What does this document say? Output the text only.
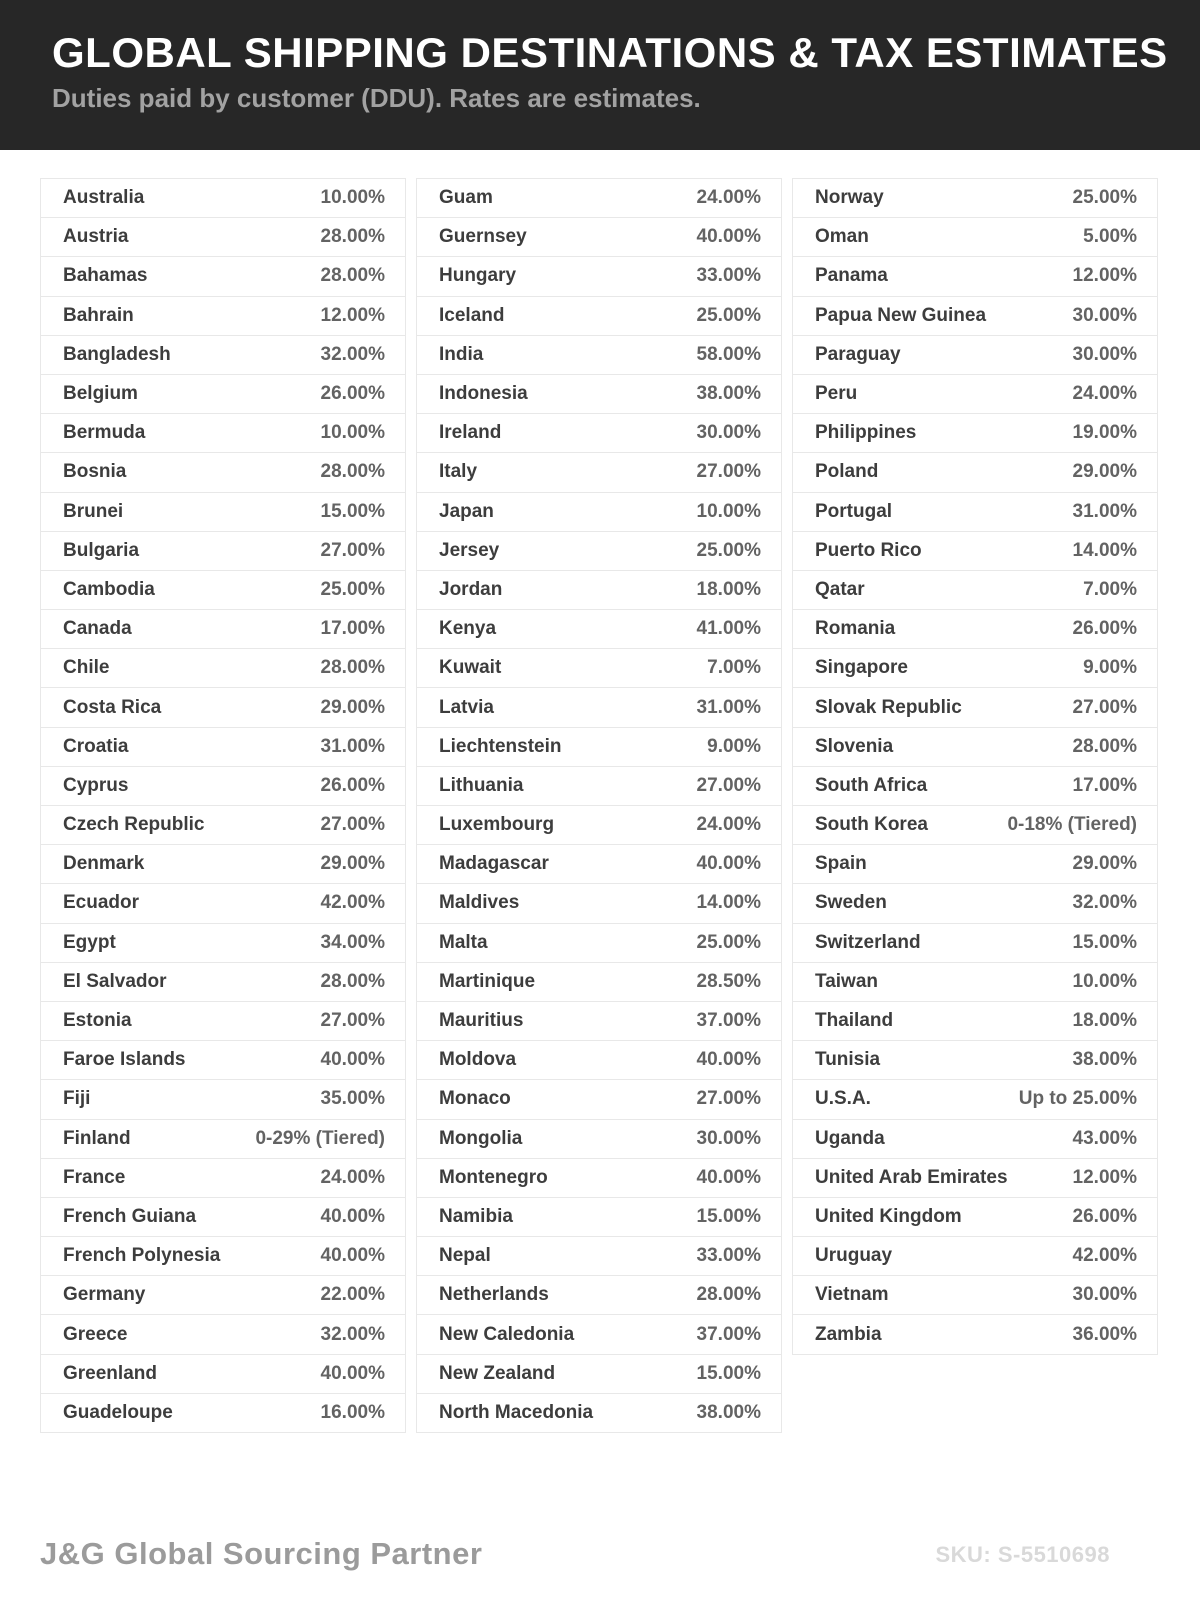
GLOBAL SHIPPING DESTINATIONS & TAX ESTIMATES

Duties paid by customer (DDU). Rates are estimates.

Australia	10.00%
Austria	28.00%
Bahamas	28.00%
Bahrain	12.00%
Bangladesh	32.00%
Belgium	26.00%
Bermuda	10.00%
Bosnia	28.00%
Brunei	15.00%
Bulgaria	27.00%
Cambodia	25.00%
Canada	17.00%
Chile	28.00%
Costa Rica	29.00%
Croatia	31.00%
Cyprus	26.00%
Czech Republic	27.00%
Denmark	29.00%
Ecuador	42.00%
Egypt	34.00%
El Salvador	28.00%
Estonia	27.00%
Faroe Islands	40.00%
Fiji	35.00%
Finland	0-29% (Tiered)
France	24.00%
French Guiana	40.00%
French Polynesia	40.00%
Germany	22.00%
Greece	32.00%
Greenland	40.00%
Guadeloupe	16.00%
Guam	24.00%
Guernsey	40.00%
Hungary	33.00%
Iceland	25.00%
India	58.00%
Indonesia	38.00%
Ireland	30.00%
Italy	27.00%
Japan	10.00%
Jersey	25.00%
Jordan	18.00%
Kenya	41.00%
Kuwait	7.00%
Latvia	31.00%
Liechtenstein	9.00%
Lithuania	27.00%
Luxembourg	24.00%
Madagascar	40.00%
Maldives	14.00%
Malta	25.00%
Martinique	28.50%
Mauritius	37.00%
Moldova	40.00%
Monaco	27.00%
Mongolia	30.00%
Montenegro	40.00%
Namibia	15.00%
Nepal	33.00%
Netherlands	28.00%
New Caledonia	37.00%
New Zealand	15.00%
North Macedonia	38.00%
Norway	25.00%
Oman	5.00%
Panama	12.00%
Papua New Guinea	30.00%
Paraguay	30.00%
Peru	24.00%
Philippines	19.00%
Poland	29.00%
Portugal	31.00%
Puerto Rico	14.00%
Qatar	7.00%
Romania	26.00%
Singapore	9.00%
Slovak Republic	27.00%
Slovenia	28.00%
South Africa	17.00%
South Korea	0-18% (Tiered)
Spain	29.00%
Sweden	32.00%
Switzerland	15.00%
Taiwan	10.00%
Thailand	18.00%
Tunisia	38.00%
U.S.A.	Up to 25.00%
Uganda	43.00%
United Arab Emirates	12.00%
United Kingdom	26.00%
Uruguay	42.00%
Vietnam	30.00%
Zambia	36.00%
J&G Global Sourcing Partner	SKU: S-5510698
